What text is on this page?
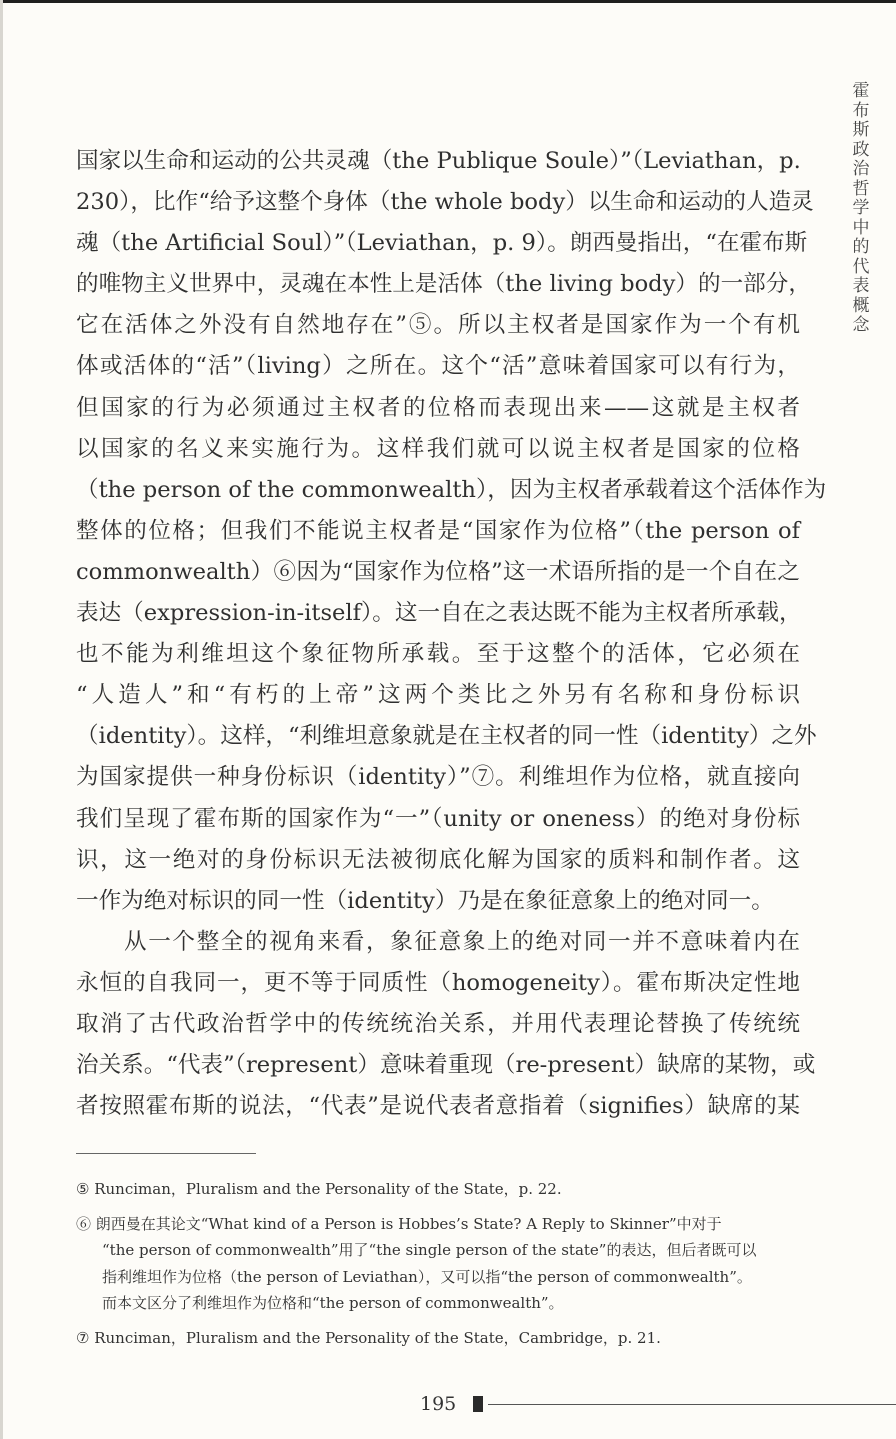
霍布斯政治哲学中的代表概念
国家以生命和运动的公共灵魂（the Publique Soule）”（Leviathan，p.
230），比作“给予这整个身体（the whole body）以生命和运动的人造灵
魂（the Artificial Soul）”（Leviathan，p. 9）。朗西曼指出，“在霍布斯
的唯物主义世界中，灵魂在本性上是活体（the living body）的一部分，
它在活体之外没有自然地存在”⑤。所以主权者是国家作为一个有机
体或活体的“活”（living）之所在。这个“活”意味着国家可以有行为，
但国家的行为必须通过主权者的位格而表现出来——这就是主权者
以国家的名义来实施行为。这样我们就可以说主权者是国家的位格
（the person of the commonwealth），因为主权者承载着这个活体作为
整体的位格；但我们不能说主权者是“国家作为位格”（the person of
commonwealth）⑥因为“国家作为位格”这一术语所指的是一个自在之
表达（expression-in-itself）。这一自在之表达既不能为主权者所承载，
也不能为利维坦这个象征物所承载。至于这整个的活体，它必须在
“人造人”和“有朽的上帝”这两个类比之外另有名称和身份标识
（identity）。这样，“利维坦意象就是在主权者的同一性（identity）之外
为国家提供一种身份标识（identity）”⑦。利维坦作为位格，就直接向
我们呈现了霍布斯的国家作为“一”（unity or oneness）的绝对身份标
识，这一绝对的身份标识无法被彻底化解为国家的质料和制作者。这
一作为绝对标识的同一性（identity）乃是在象征意象上的绝对同一。
从一个整全的视角来看，象征意象上的绝对同一并不意味着内在
永恒的自我同一，更不等于同质性（homogeneity）。霍布斯决定性地
取消了古代政治哲学中的传统统治关系，并用代表理论替换了传统统
治关系。“代表”（represent）意味着重现（re-present）缺席的某物，或
者按照霍布斯的说法，“代表”是说代表者意指着（signifies）缺席的某
⑤ Runciman，Pluralism and the Personality of the State，p. 22.
⑥ 朗西曼在其论文“What kind of a Person is Hobbes’s State? A Reply to Skinner”中对于
“the person of commonwealth”用了“the single person of the state”的表达，但后者既可以
指利维坦作为位格（the person of Leviathan），又可以指“the person of commonwealth”。
而本文区分了利维坦作为位格和“the person of commonwealth”。
⑦ Runciman，Pluralism and the Personality of the State，Cambridge，p. 21.
195
